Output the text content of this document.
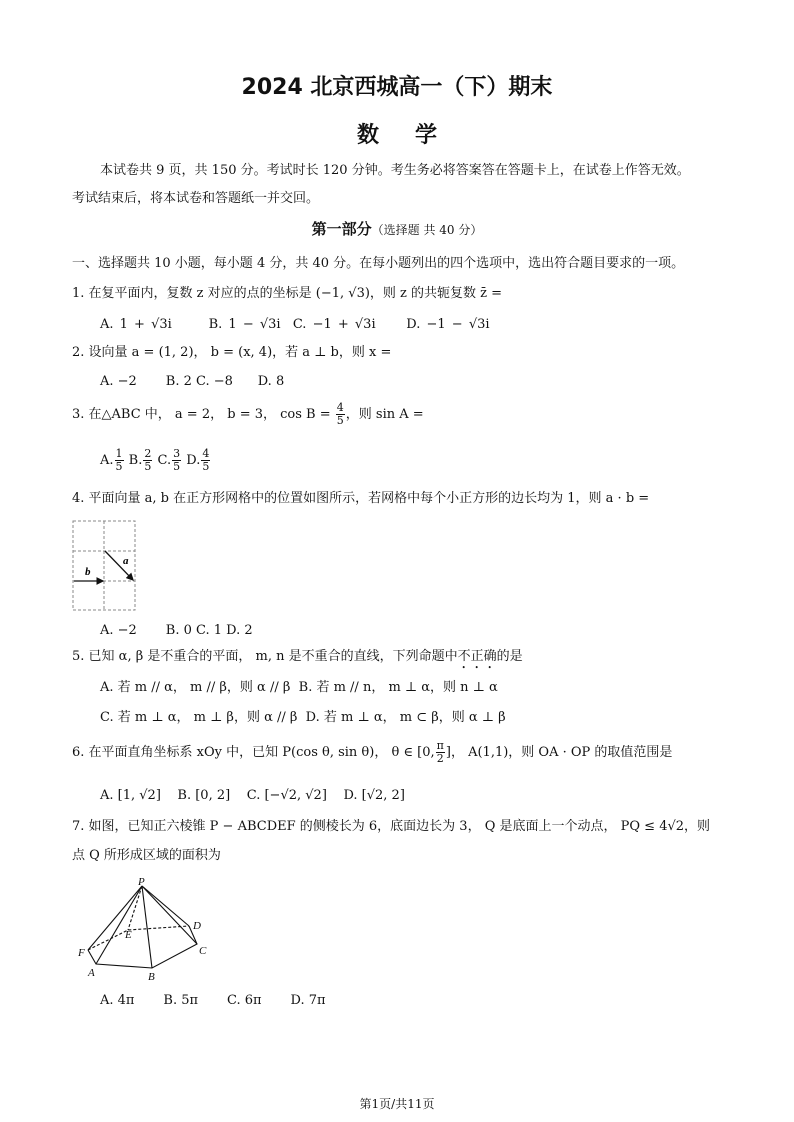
2024 北京西城高一（下）期末
数学
本试卷共 9 页，共 150 分。考试时长 120 分钟。考生务必将答案答在答题卡上，在试卷上作答无效。
考试结束后，将本试卷和答题纸一并交回。
第一部分（选择题 共 40 分）
一、选择题共 10 小题，每小题 4 分，共 40 分。在每小题列出的四个选项中，选出符合题目要求的一项。
1. 在复平面内，复数 z 对应的点的坐标是 (−1, √3)，则 z 的共轭复数 z̄ =
A. 1 + √3i	B. 1 − √3i C. −1 + √3i D. −1 − √3i
2. 设向量 a = (1, 2)， b = (x, 4)，若 a ⊥ b，则 x =
A. −2 B. 2 C. −8 D. 8
3. 在△ABC 中， a = 2， b = 3， $\cos B = \frac{4}{5}$ ，则 sin A =
A. $\frac{1}{5} B$. $\frac{2}{5} C$. $\frac{3}{5} D$. $\frac{4}{5}$
4. 平面向量 a, b 在正方形网格中的位置如图所示，若网格中每个小正方形的边长均为 1，则 a · b =
b
a
A. −2 B. 0 C. 1 D. 2
5. 已知 α, β 是不重合的平面， m, n 是不重合的直线，下列命题中不正确的是
A. 若 m // α， m // β，则 α // β B. 若 m // n， m ⊥ α，则 n ⊥ α
C. 若 m ⊥ α， m ⊥ β，则 α // β D. 若 m ⊥ α， m ⊂ β，则 α ⊥ β
6. 在平面直角坐标系 xOy 中，已知 P(cos θ, sin θ)， θ ∈ [0, $\frac{\pi}{2}$ ]， A(1,1)，则 OA · OP 的取值范围是
A. [1, √2] B. [0, 2] C. [−√2, √2] D. [√2, 2]
7. 如图，已知正六棱锥 P − ABCDEF 的侧棱长为 6，底面边长为 3， Q 是底面上一个动点， PQ ≤ 4√2，则
点 Q 所形成区域的面积为
P
F
A	B
C
D
E
A. 4π B. 5π C. 6π D. 7π
第1页/共11页
